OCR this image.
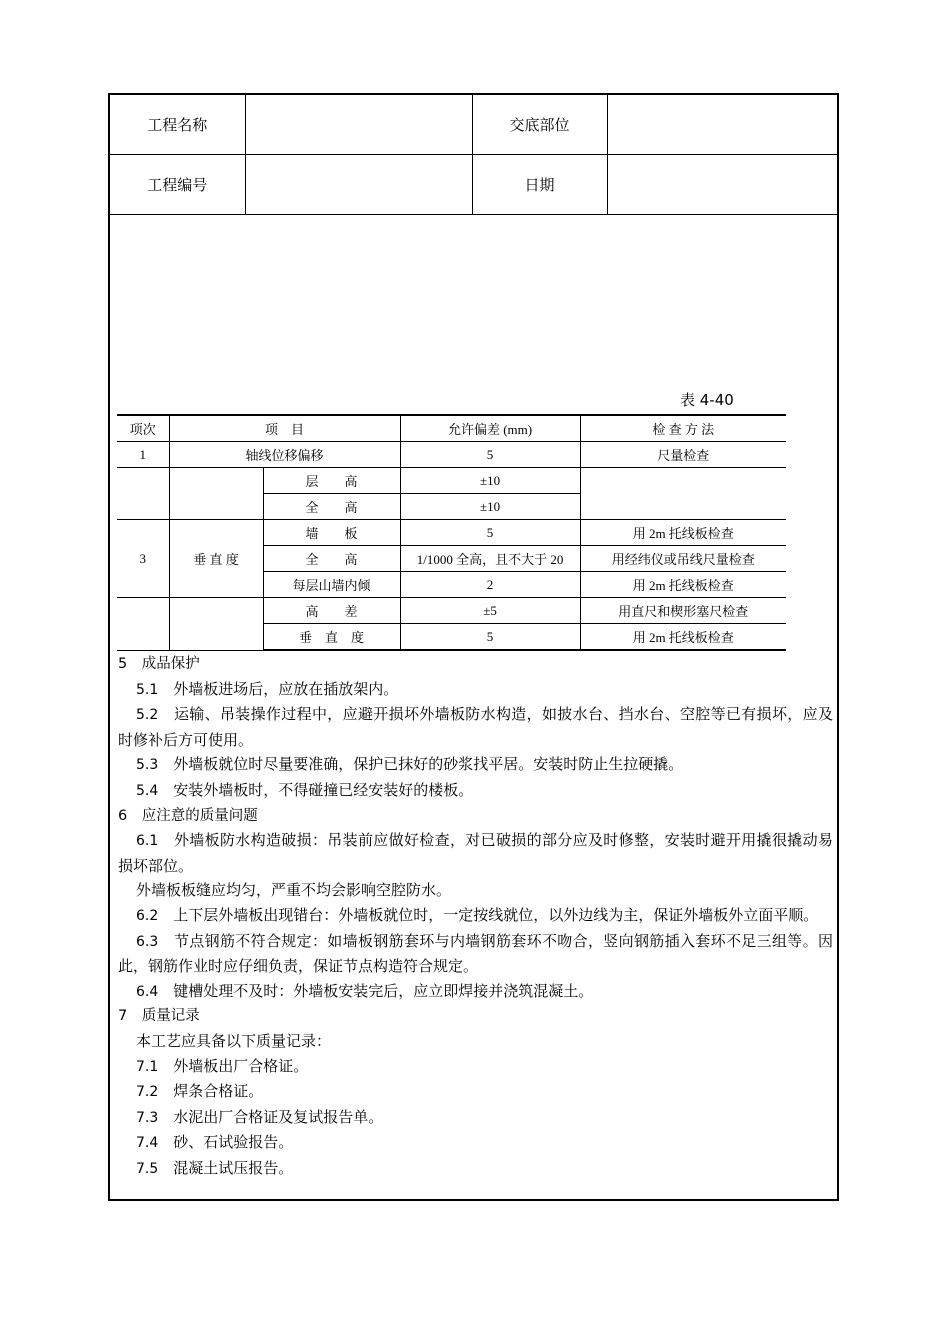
工程名称		交底部位	
工程编号		日期	
表 4-40
项次	项　目		允许偏差 (mm)	检 查 方 法
1	轴线位移偏移		5	尺量检查
		层　　高	±10	
		全　　高	±10	
3	垂 直 度	墙　　板	5	用 2m 托线板检查
		全　　高	1/1000 全高，且不大于 20	用经纬仪或吊线尺量检查
		每层山墙内倾	2	用 2m 托线板检查
		高　　差	±5	用直尺和楔形塞尺检查
		垂　直　度	5	用 2m 托线板检查

5　成品保护

5.1　 外墙板进场后，应放在插放架内。

5.2　 运输、吊装操作过程中，应避开损坏外墙板防水构造，如披水台、挡水台、空腔等已有损坏，应及时修补后方可使用。

5.3　 外墙板就位时尽量要准确，保护已抹好的砂浆找平居。安装时防止生拉硬撬。

5.4　 安装外墙板时，不得碰撞已经安装好的楼板。

6　应注意的质量问题

6.1　 外墙板防水构造破损：吊装前应做好检查，对已破损的部分应及时修整，安装时避开用撬很撬动易损坏部位。

外墙板板缝应均匀，严重不均会影响空腔防水。

6.2　 上下层外墙板出现错台：外墙板就位时，一定按线就位，以外边线为主，保证外墙板外立面平顺。

6.3　 节点钢筋不符合规定：如墙板钢筋套环与内墙钢筋套环不吻合，竖向钢筋插入套环不足三组等。因此，钢筋作业时应仔细负责，保证节点构造符合规定。

6.4　 键槽处理不及时：外墙板安装完后，应立即焊接并浇筑混凝土。

7　质量记录

本工艺应具备以下质量记录：

7.1　 外墙板出厂合格证。

7.2　 焊条合格证。

7.3　 水泥出厂合格证及复试报告单。

7.4　 砂、石试验报告。

7.5　 混凝土试压报告。
